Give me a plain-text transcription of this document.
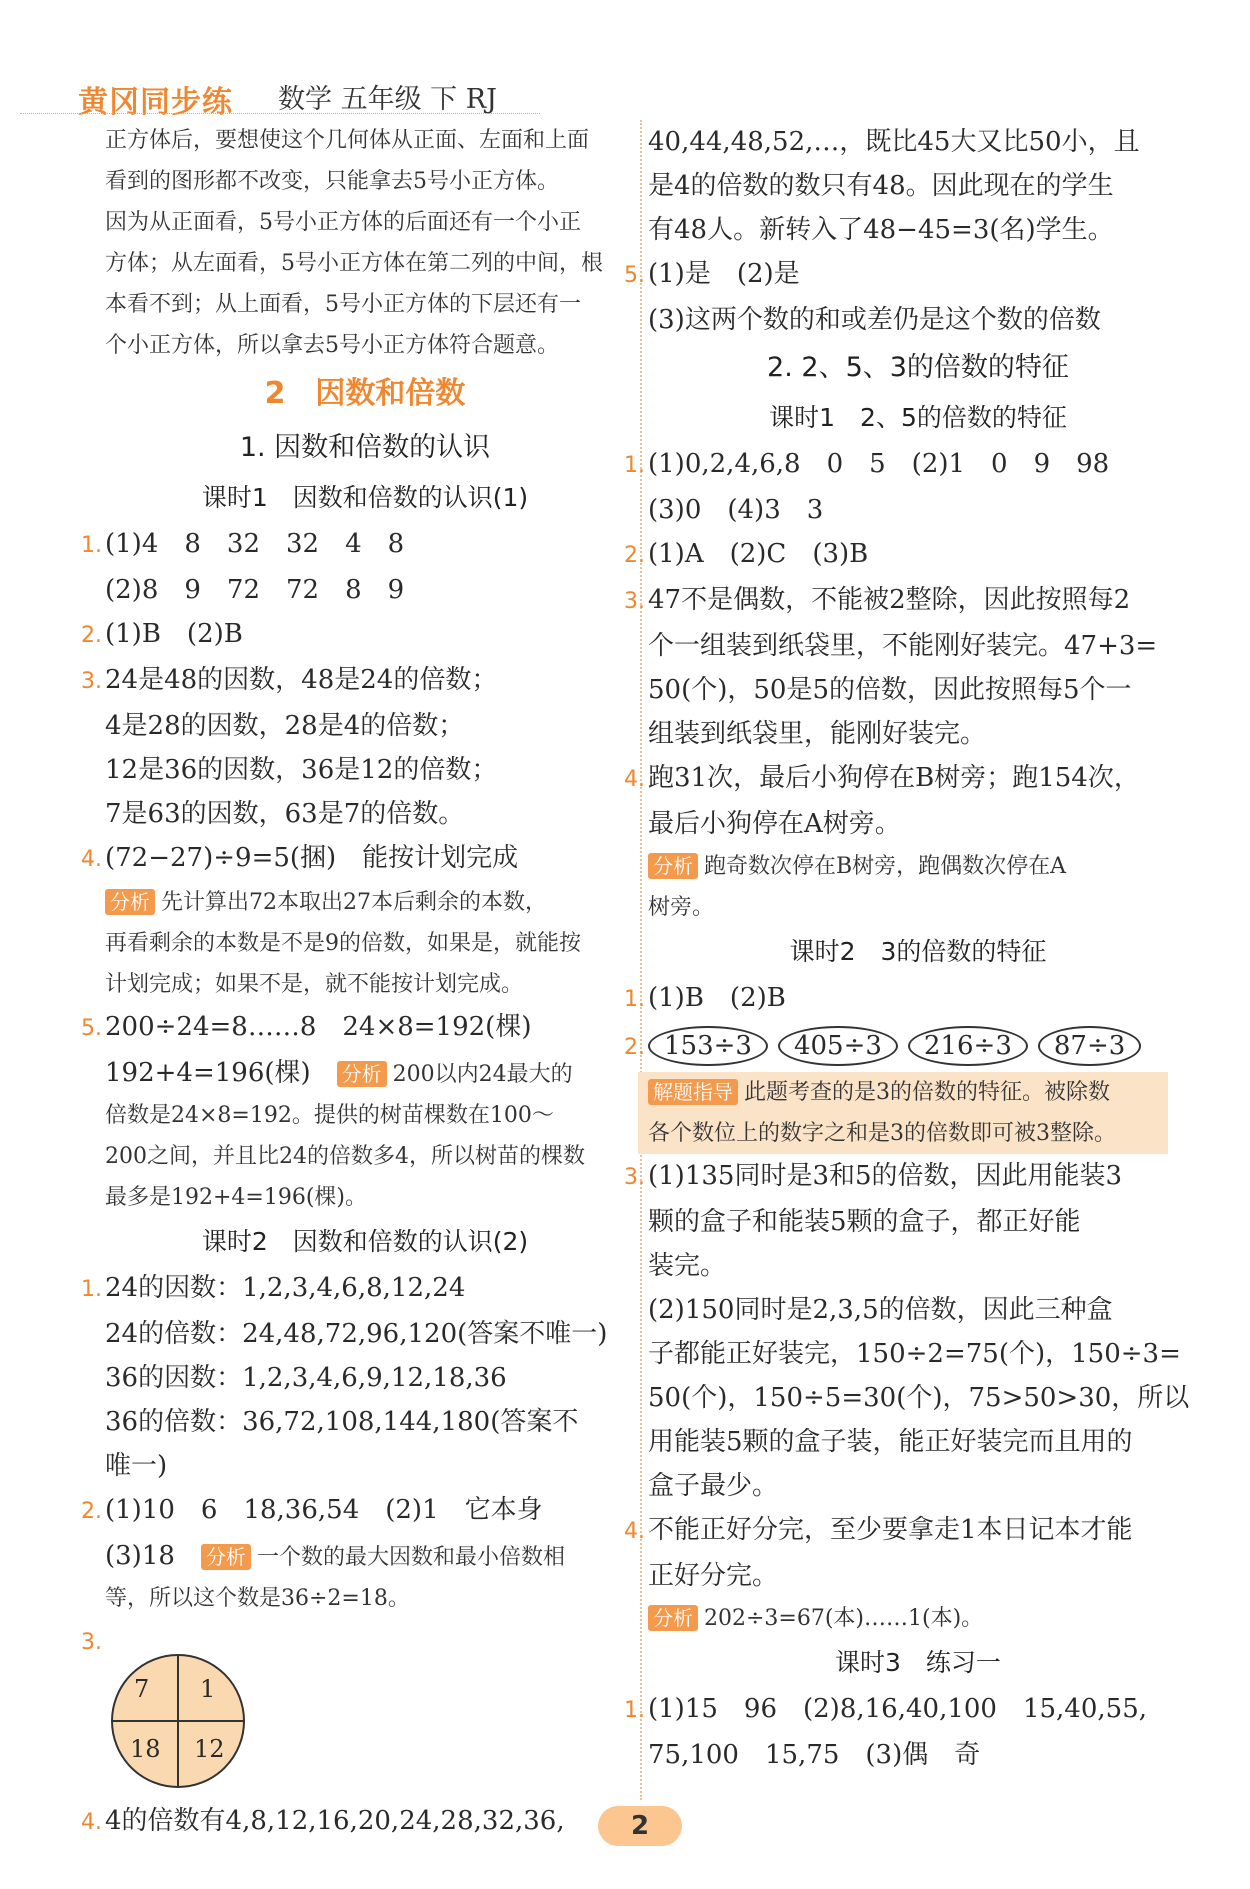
黄冈同步练 数学 五年级 下 RJ
正方体后，要想使这个几何体从正面、左面和上面
看到的图形都不改变，只能拿去5号小正方体。
因为从正面看，5号小正方体的后面还有一个小正
方体；从左面看，5号小正方体在第二列的中间，根
本看不到；从上面看，5号小正方体的下层还有一
个小正方体，所以拿去5号小正方体符合题意。
2　因数和倍数
1. 因数和倍数的认识
课时1　因数和倍数的认识(1)
1. (1)4　8　32　32　4　8
(2)8　9　72　72　8　9
2. (1)B　(2)B
3. 24是48的因数，48是24的倍数；
4是28的因数，28是4的倍数；
12是36的因数，36是12的倍数；
7是63的因数，63是7的倍数。
4. (72−27)÷9=5(捆)　能按计划完成
分析 先计算出72本取出27本后剩余的本数，
再看剩余的本数是不是9的倍数，如果是，就能按
计划完成；如果不是，就不能按计划完成。
5. 200÷24=8……8　24×8=192(棵)
192+4=196(棵)　 分析 200以内24最大的
倍数是24×8=192。提供的树苗棵数在100～
200之间，并且比24的倍数多4，所以树苗的棵数
最多是192+4=196(棵)。
课时2　因数和倍数的认识(2)
1. 24的因数：1,2,3,4,6,8,12,24
24的倍数：24,48,72,96,120(答案不唯一)
36的因数：1,2,3,4,6,9,12,18,36
36的倍数：36,72,108,144,180(答案不
唯一)
2. (1)10　6　18,36,54　(2)1　它本身
(3)18　 分析 一个数的最大因数和最小倍数相
等，所以这个数是36÷2=18。
3.
7 1
18 12
4. 4的倍数有4,8,12,16,20,24,28,32,36,
40,44,48,52,…，既比45大又比50小，且
是4的倍数的数只有48。因此现在的学生
有48人。新转入了48−45=3(名)学生。
5. (1)是　(2)是
(3)这两个数的和或差仍是这个数的倍数
2. 2、5、3的倍数的特征
课时1　2、5的倍数的特征
1. (1)0,2,4,6,8　0　5　(2)1　0　9　98
(3)0　(4)3　3
2. (1)A　(2)C　(3)B
3. 47不是偶数，不能被2整除，因此按照每2
个一组装到纸袋里，不能刚好装完。47+3=
50(个)，50是5的倍数，因此按照每5个一
组装到纸袋里，能刚好装完。
4. 跑31次，最后小狗停在B树旁；跑154次，
最后小狗停在A树旁。
分析 跑奇数次停在B树旁，跑偶数次停在A
树旁。
课时2　3的倍数的特征
1. (1)B　(2)B
2. 153÷3 405÷3 216÷3 87÷3
解题指导 此题考查的是3的倍数的特征。被除数
各个数位上的数字之和是3的倍数即可被3整除。
3. (1)135同时是3和5的倍数，因此用能装3
颗的盒子和能装5颗的盒子，都正好能
装完。
(2)150同时是2,3,5的倍数，因此三种盒
子都能正好装完，150÷2=75(个)，150÷3=
50(个)，150÷5=30(个)，75>50>30，所以
用能装5颗的盒子装，能正好装完而且用的
盒子最少。
4. 不能正好分完，至少要拿走1本日记本才能
正好分完。
分析 202÷3=67(本)……1(本)。
课时3　练习一
1. (1)15　96　(2)8,16,40,100　15,40,55,
75,100　15,75　(3)偶　奇
2
